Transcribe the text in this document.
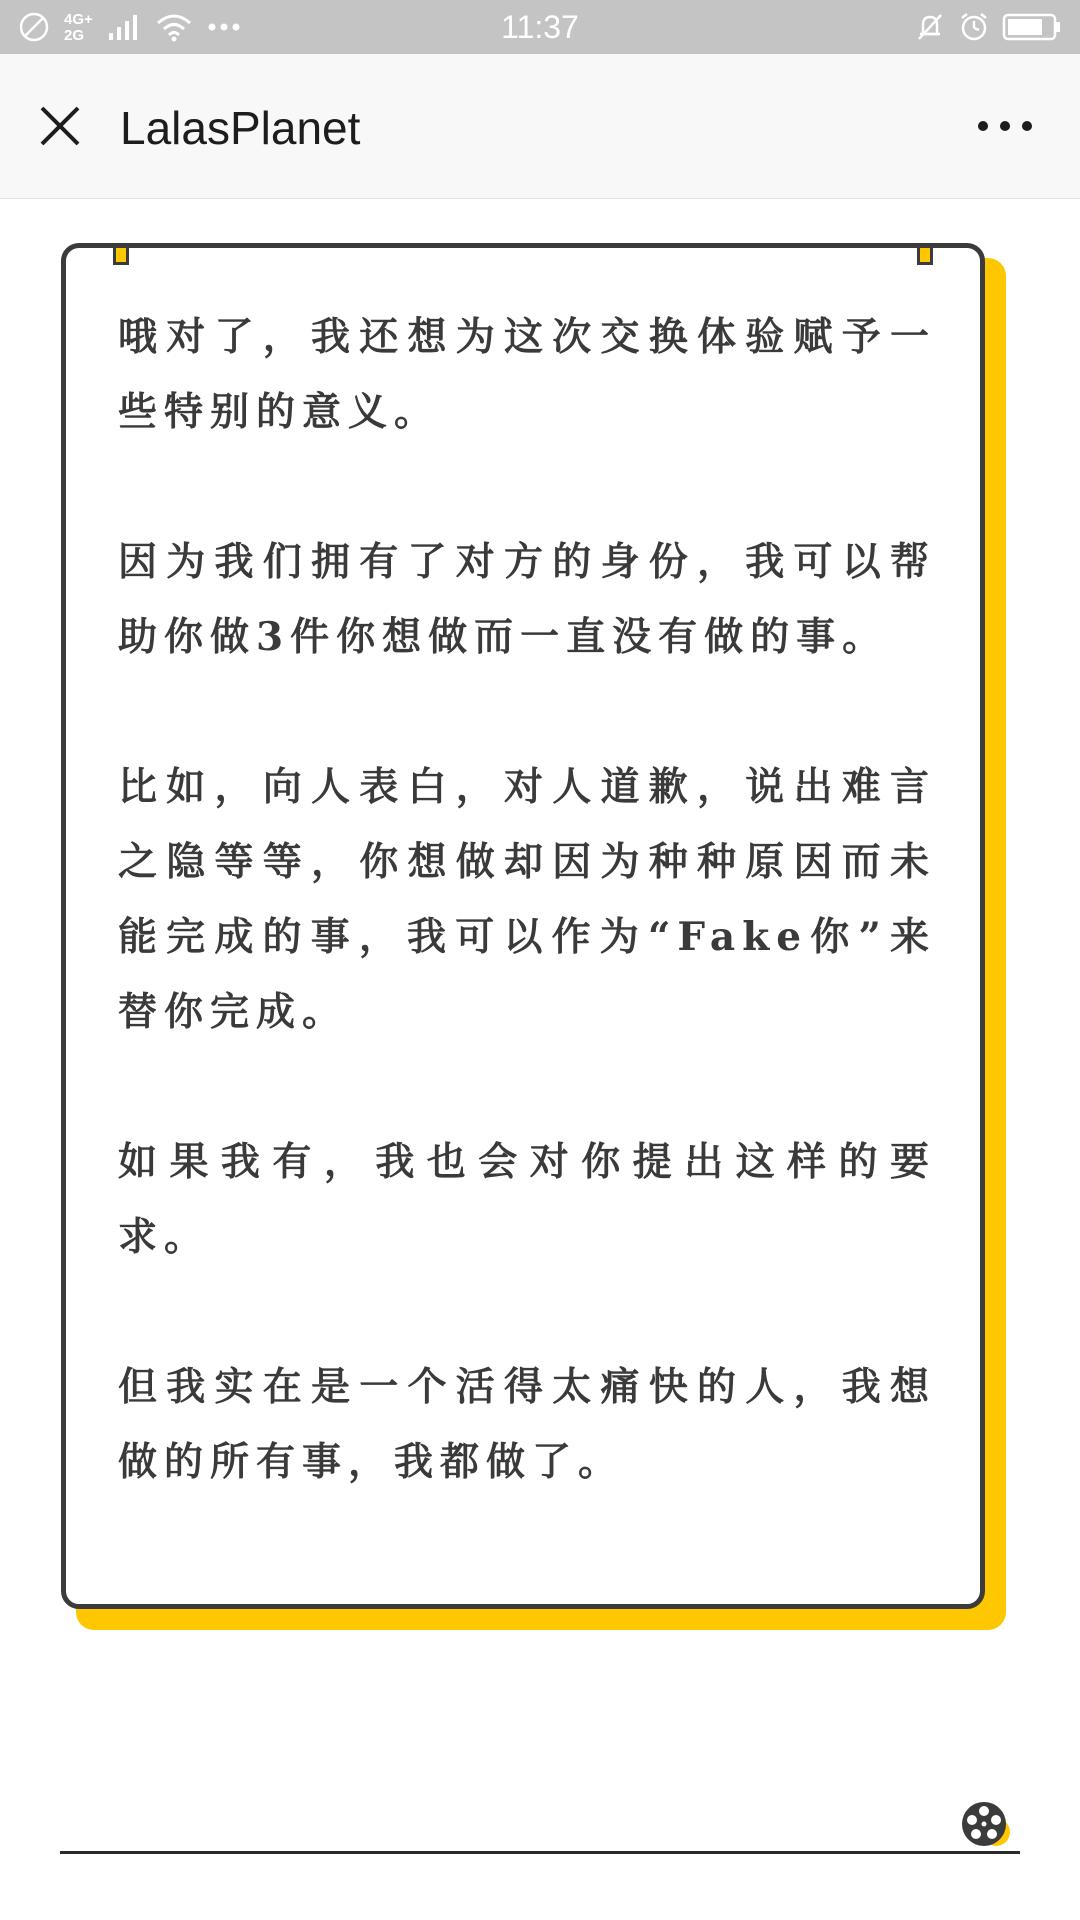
4G+
2G	11:37
LalasPlanet

哦对了，我还想为这次交换体验赋予一些特别的意义。

因为我们拥有了对方的身份，我可以帮助你做3件你想做而一直没有做的事。

比如，向人表白，对人道歉，说出难言之隐等等，你想做却因为种种原因而未能完成的事，我可以作为“Fake你”来替你完成。

如果我有，我也会对你提出这样的要求。

但我实在是一个活得太痛快的人，我想做的所有事，我都做了。
